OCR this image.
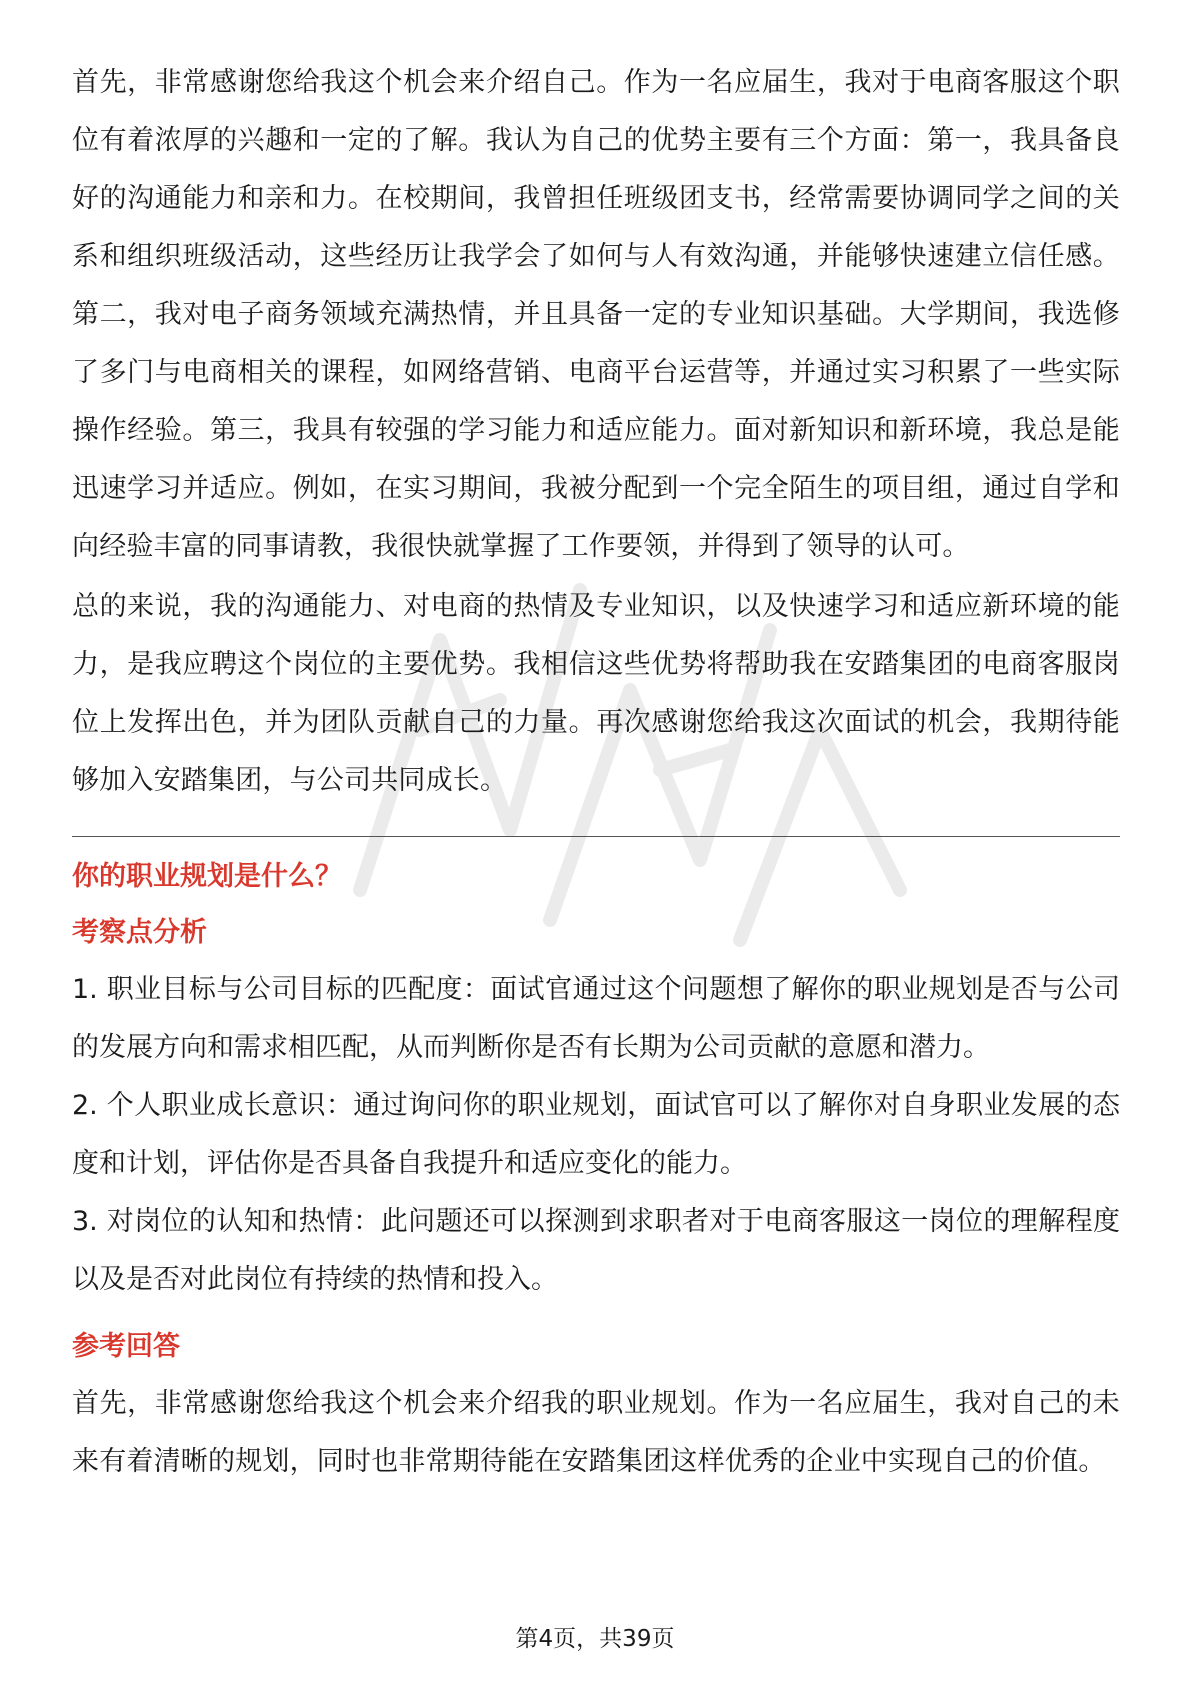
首先，非常感谢您给我这个机会来介绍自己。作为一名应届生，我对于电商客服这个职位有着浓厚的兴趣和一定的了解。我认为自己的优势主要有三个方面：第一，我具备良好的沟通能力和亲和力。在校期间，我曾担任班级团支书，经常需要协调同学之间的关系和组织班级活动，这些经历让我学会了如何与人有效沟通，并能够快速建立信任感。第二，我对电子商务领域充满热情，并且具备一定的专业知识基础。大学期间，我选修了多门与电商相关的课程，如网络营销、电商平台运营等，并通过实习积累了一些实际操作经验。第三，我具有较强的学习能力和适应能力。面对新知识和新环境，我总是能迅速学习并适应。例如，在实习期间，我被分配到一个完全陌生的项目组，通过自学和向经验丰富的同事请教，我很快就掌握了工作要领，并得到了领导的认可。

总的来说，我的沟通能力、对电商的热情及专业知识，以及快速学习和适应新环境的能力，是我应聘这个岗位的主要优势。我相信这些优势将帮助我在安踏集团的电商客服岗位上发挥出色，并为团队贡献自己的力量。再次感谢您给我这次面试的机会，我期待能够加入安踏集团，与公司共同成长。

你的职业规划是什么？
考察点分析

1. 职业目标与公司目标的匹配度：面试官通过这个问题想了解你的职业规划是否与公司的发展方向和需求相匹配，从而判断你是否有长期为公司贡献的意愿和潜力。

2. 个人职业成长意识：通过询问你的职业规划，面试官可以了解你对自身职业发展的态度和计划，评估你是否具备自我提升和适应变化的能力。

3. 对岗位的认知和热情：此问题还可以探测到求职者对于电商客服这一岗位的理解程度以及是否对此岗位有持续的热情和投入。

参考回答

首先，非常感谢您给我这个机会来介绍我的职业规划。作为一名应届生，我对自己的未来有着清晰的规划，同时也非常期待能在安踏集团这样优秀的企业中实现自己的价值。

第4页，共39页
